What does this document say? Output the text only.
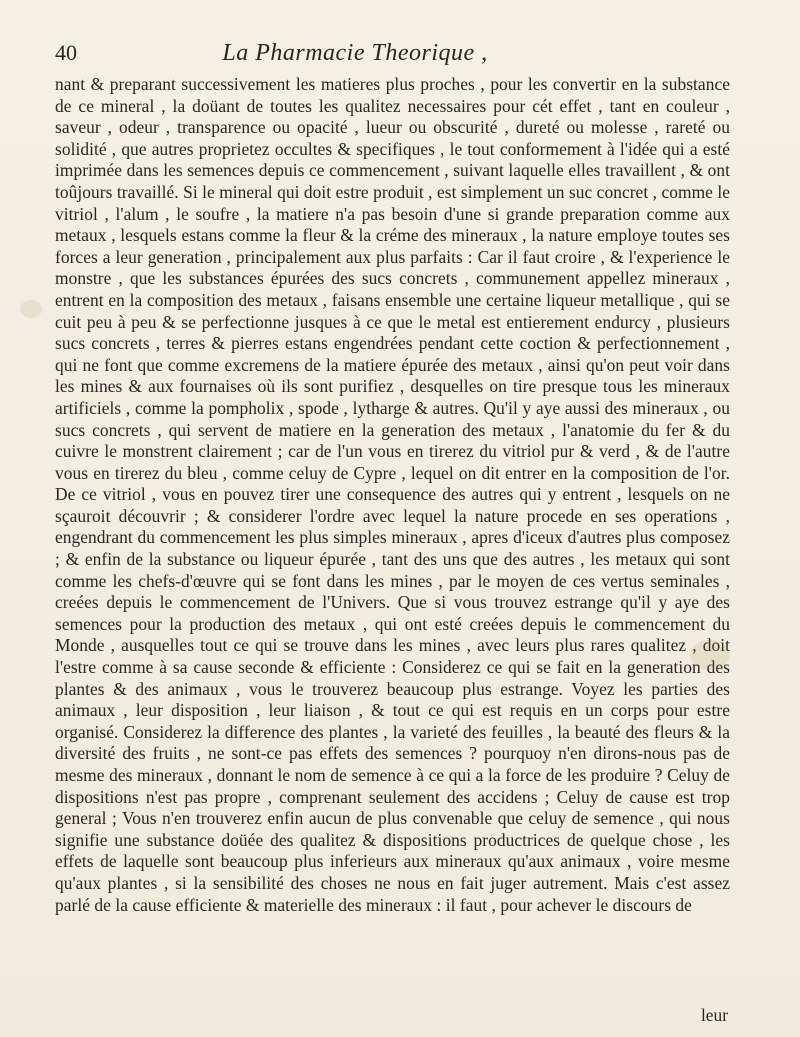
40	La Pharmacie Theorique ,

nant & preparant successivement les matieres plus proches , pour les convertir en la substance de ce mineral , la doüant de toutes les qualitez necessaires pour cét effet , tant en couleur , saveur , odeur , transparence ou opacité , lueur ou obscurité , dureté ou molesse , rareté ou solidité , que autres proprietez occultes & specifiques , le tout conformement à l'idée qui a esté imprimée dans les semences depuis ce commencement , suivant laquelle elles travaillent , & ont toûjours travaillé. Si le mineral qui doit estre produit , est simplement un suc concret , comme le vitriol , l'alum , le soufre , la matiere n'a pas besoin d'une si grande preparation comme aux metaux , lesquels estans comme la fleur & la créme des mineraux , la nature employe toutes ses forces a leur generation , principalement aux plus parfaits : Car il faut croire , & l'experience le monstre , que les substances épurées des sucs concrets , communement appellez mineraux , entrent en la composition des metaux , faisans ensemble une certaine liqueur metallique , qui se cuit peu à peu & se perfectionne jusques à ce que le metal est entierement endurcy , plusieurs sucs concrets , terres & pierres estans engendrées pendant cette coction & perfectionnement , qui ne font que comme excremens de la matiere épurée des metaux , ainsi qu'on peut voir dans les mines & aux fournaises où ils sont purifiez , desquelles on tire presque tous les mineraux artificiels , comme la pompholix , spode , lytharge & autres. Qu'il y aye aussi des mineraux , ou sucs concrets , qui servent de matiere en la generation des metaux , l'anatomie du fer & du cuivre le monstrent clairement ; car de l'un vous en tirerez du vitriol pur & verd , & de l'autre vous en tirerez du bleu , comme celuy de Cypre , lequel on dit entrer en la composition de l'or. De ce vitriol , vous en pouvez tirer une consequence des autres qui y entrent , lesquels on ne sçauroit découvrir ; & considerer l'ordre avec lequel la nature procede en ses operations , engendrant du commencement les plus simples mineraux , apres d'iceux d'autres plus composez ; & enfin de la substance ou liqueur épurée , tant des uns que des autres , les metaux qui sont comme les chefs-d'œuvre qui se font dans les mines , par le moyen de ces vertus seminales , creées depuis le commencement de l'Univers. Que si vous trouvez estrange qu'il y aye des semences pour la production des metaux , qui ont esté creées depuis le commencement du Monde , ausquelles tout ce qui se trouve dans les mines , avec leurs plus rares qualitez , doit l'estre comme à sa cause seconde & efficiente : Considerez ce qui se fait en la generation des plantes & des animaux , vous le trouverez beaucoup plus estrange. Voyez les parties des animaux , leur disposition , leur liaison , & tout ce qui est requis en un corps pour estre organisé. Considerez la difference des plantes , la varieté des feuilles , la beauté des fleurs & la diversité des fruits , ne sont-ce pas effets des semences ? pourquoy n'en dirons-nous pas de mesme des mineraux , donnant le nom de semence à ce qui a la force de les produire ? Celuy de dispositions n'est pas propre , comprenant seulement des accidens ; Celuy de cause est trop general ; Vous n'en trouverez enfin aucun de plus convenable que celuy de semence , qui nous signifie une substance doüée des qualitez & dispositions productrices de quelque chose , les effets de laquelle sont beaucoup plus inferieurs aux mineraux qu'aux animaux , voire mesme qu'aux plantes , si la sensibilité des choses ne nous en fait juger autrement. Mais c'est assez parlé de la cause efficiente & materielle des mineraux : il faut , pour achever le discours de

leur
